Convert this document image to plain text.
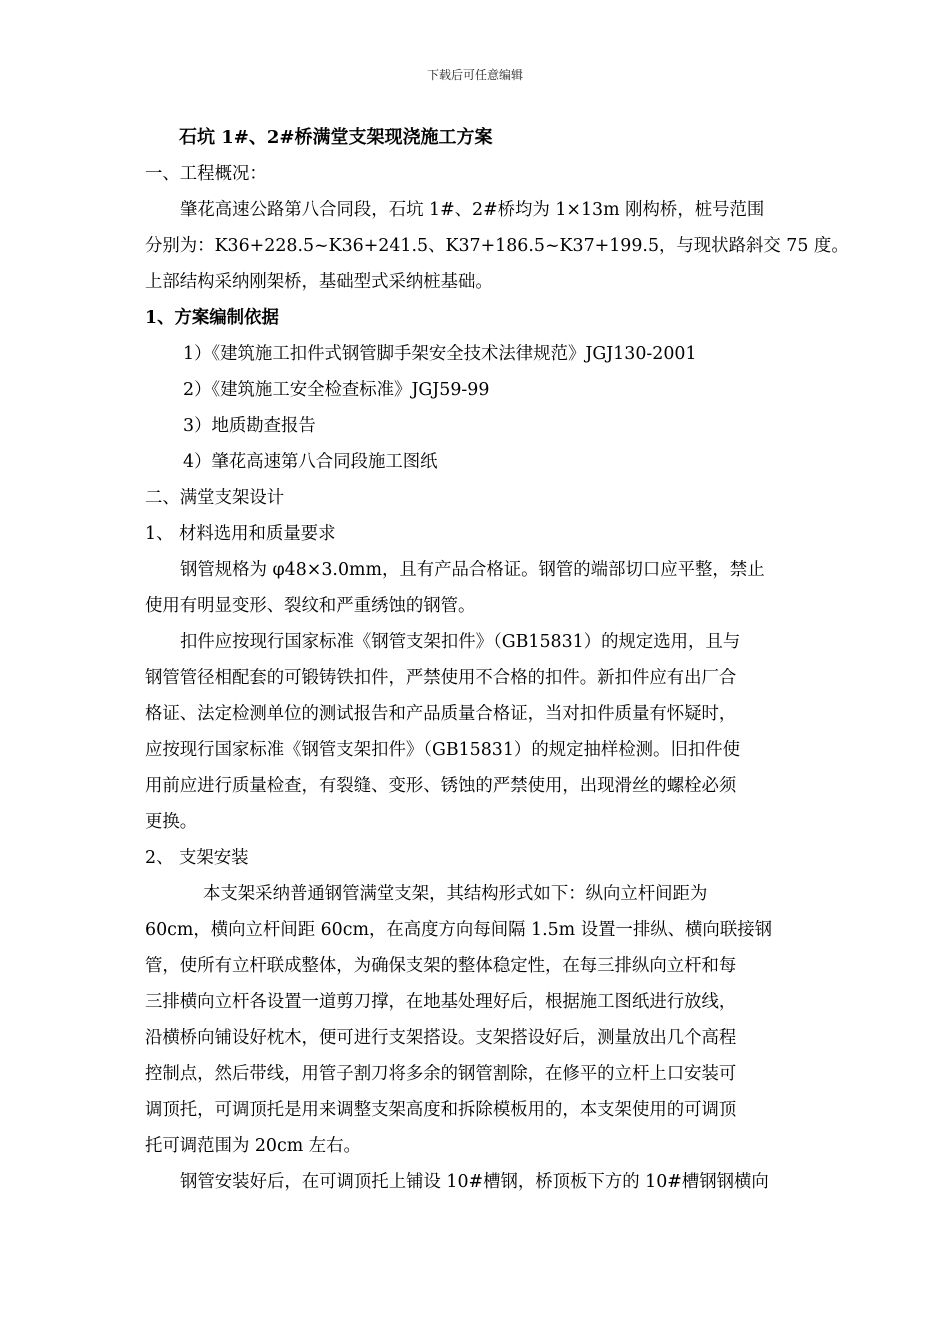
下载后可任意编辑

石坑 1#、2#桥满堂支架现浇施工方案

一、工程概况：

肇花高速公路第八合同段，石坑 1#、2#桥均为 1×13m 刚构桥，桩号范围

分别为：K36+228.5~K36+241.5、K37+186.5~K37+199.5，与现状路斜交 75 度。

上部结构采纳刚架桥，基础型式采纳桩基础。

1、方案编制依据

1）《建筑施工扣件式钢管脚手架安全技术法律规范》JGJ130-2001

2）《建筑施工安全检查标准》JGJ59-99

3）地质勘查报告

4）肇花高速第八合同段施工图纸

二、满堂支架设计

1、 材料选用和质量要求

钢管规格为 φ48×3.0mm，且有产品合格证。钢管的端部切口应平整，禁止

使用有明显变形、裂纹和严重绣蚀的钢管。

扣件应按现行国家标准《钢管支架扣件》（GB15831）的规定选用，且与

钢管管径相配套的可锻铸铁扣件，严禁使用不合格的扣件。新扣件应有出厂合

格证、法定检测单位的测试报告和产品质量合格证，当对扣件质量有怀疑时，

应按现行国家标准《钢管支架扣件》（GB15831）的规定抽样检测。旧扣件使

用前应进行质量检查，有裂缝、变形、锈蚀的严禁使用，出现滑丝的螺栓必须

更换。

2、 支架安装

本支架采纳普通钢管满堂支架，其结构形式如下：纵向立杆间距为

60cm，横向立杆间距 60cm，在高度方向每间隔 1.5m 设置一排纵、横向联接钢

管，使所有立杆联成整体，为确保支架的整体稳定性，在每三排纵向立杆和每

三排横向立杆各设置一道剪刀撑，在地基处理好后，根据施工图纸进行放线，

沿横桥向铺设好枕木，便可进行支架搭设。支架搭设好后，测量放出几个高程

控制点，然后带线，用管子割刀将多余的钢管割除，在修平的立杆上口安装可

调顶托，可调顶托是用来调整支架高度和拆除模板用的，本支架使用的可调顶

托可调范围为 20cm 左右。

钢管安装好后，在可调顶托上铺设 10#槽钢，桥顶板下方的 10#槽钢钢横向
